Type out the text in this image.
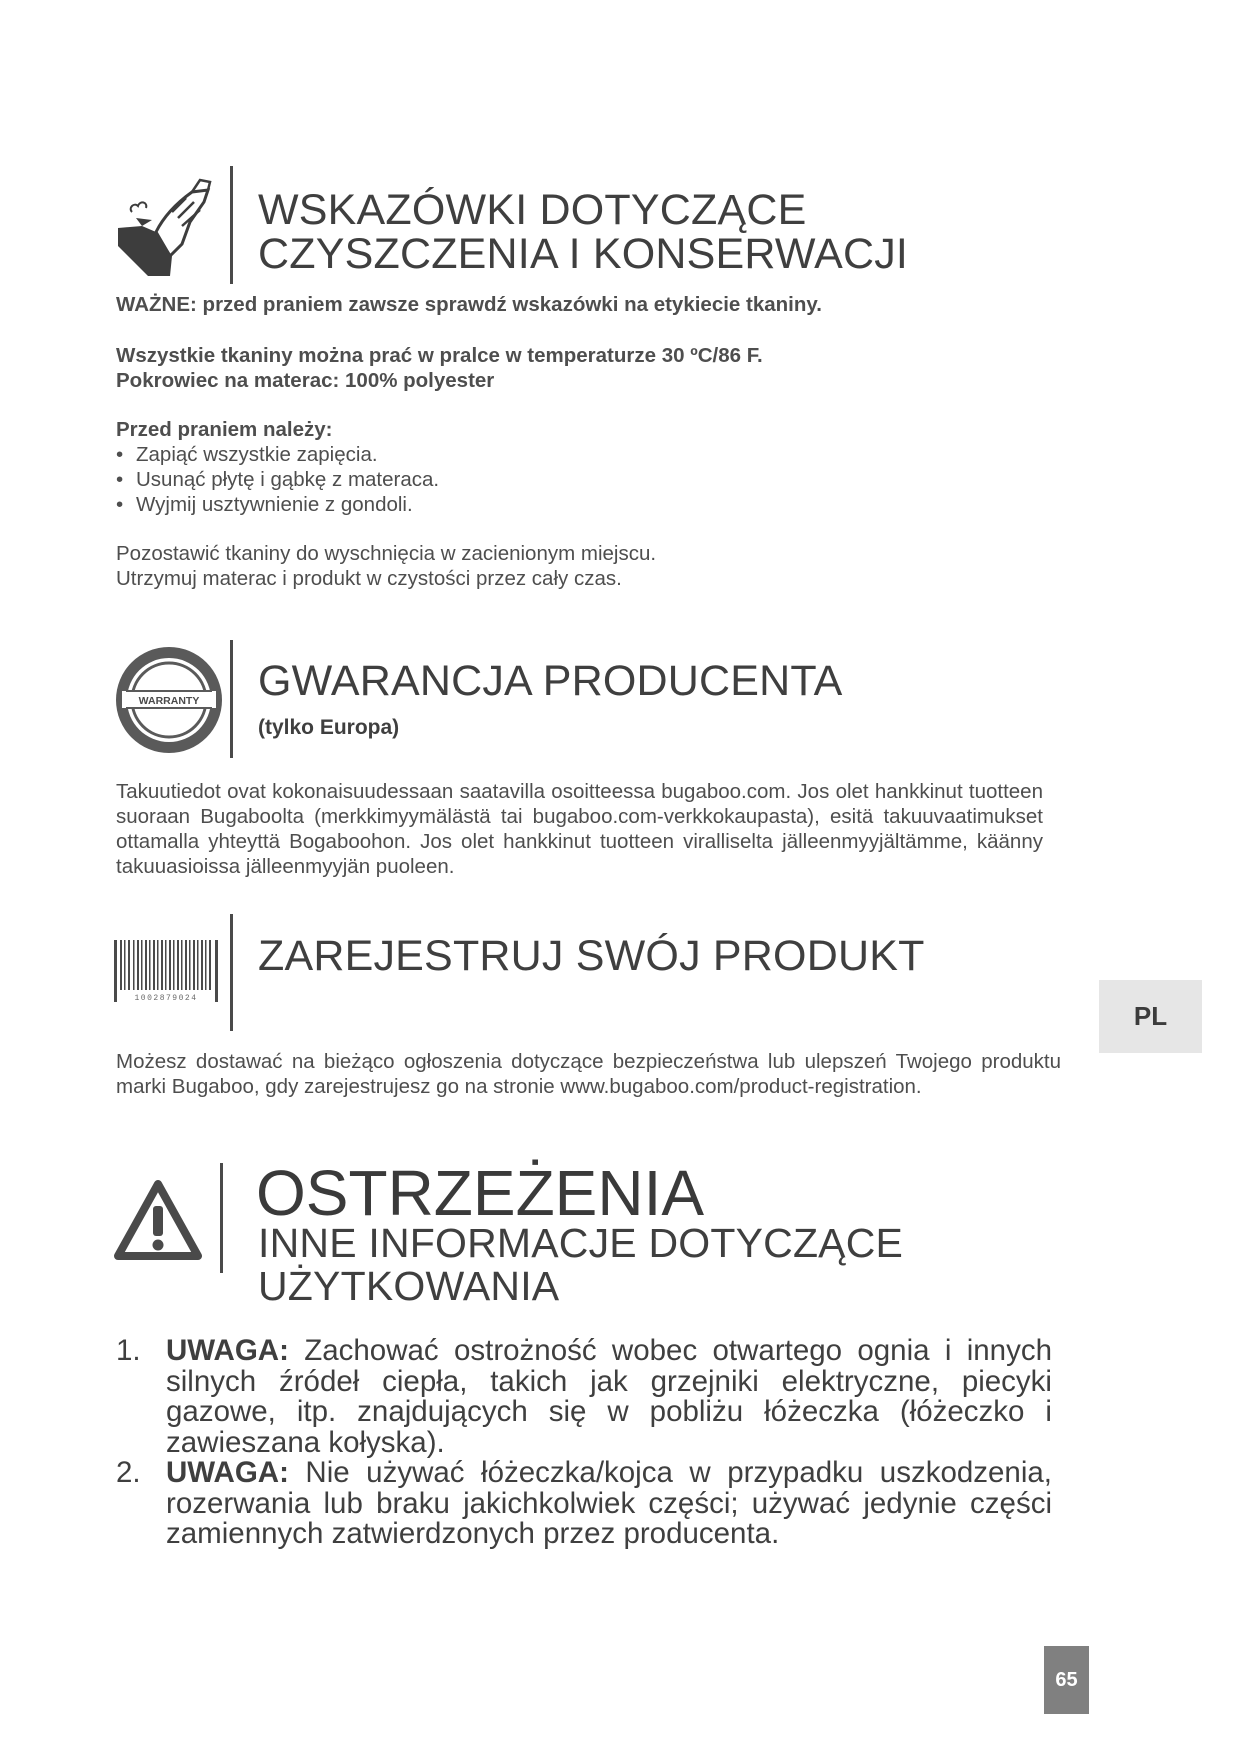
WSKAZÓWKI DOTYCZĄCE
CZYSZCZENIA I KONSERWACJI
WAŻNE: przed praniem zawsze sprawdź wskazówki na etykiecie tkaniny.
Wszystkie tkaniny można prać w pralce w temperaturze 30 ºC/86 F.
Pokrowiec na materac: 100% polyester
Przed praniem należy:
• Zapiąć wszystkie zapięcia.
• Usunąć płytę i gąbkę z materaca.
• Wyjmij usztywnienie z gondoli.
Pozostawić tkaniny do wyschnięcia w zacienionym miejscu.
Utrzymuj materac i produkt w czystości przez cały czas.
WARRANTY GWARANCJA PRODUCENTA
(tylko Europa)
Takuutiedot ovat kokonaisuudessaan saatavilla osoitteessa bugaboo.com. Jos olet hankkinut tuotteen suoraan Bugaboolta (merkkimyymälästä tai bugaboo.com-verkkokaupasta), esitä takuuvaatimukset ottamalla yhteyttä Bogaboohon. Jos olet hankkinut tuotteen viralliselta jälleenmyyjältämme, käänny takuuasioissa jälleenmyyjän puoleen.
1002879024
ZAREJESTRUJ SWÓJ PRODUKT
Możesz dostawać na bieżąco ogłoszenia dotyczące bezpieczeństwa lub ulepszeń Twojego produktu marki Bugaboo, gdy zarejestrujesz go na stronie www.bugaboo.com/product-registration.
OSTRZEŻENIA
INNE INFORMACJE DOTYCZĄCE
UŻYTKOWANIA
1. UWAGA: Zachować ostrożność wobec otwartego ognia i innych silnych źródeł ciepła, takich jak grzejniki elektryczne, piecyki gazowe, itp. znajdujących się w pobliżu łóżeczka (łóżeczko i zawieszana kołyska).
2. UWAGA: Nie używać łóżeczka/kojca w przypadku uszkodzenia, rozerwania lub braku jakichkolwiek części; używać jedynie części zamiennych zatwierdzonych przez producenta.
PL
65
